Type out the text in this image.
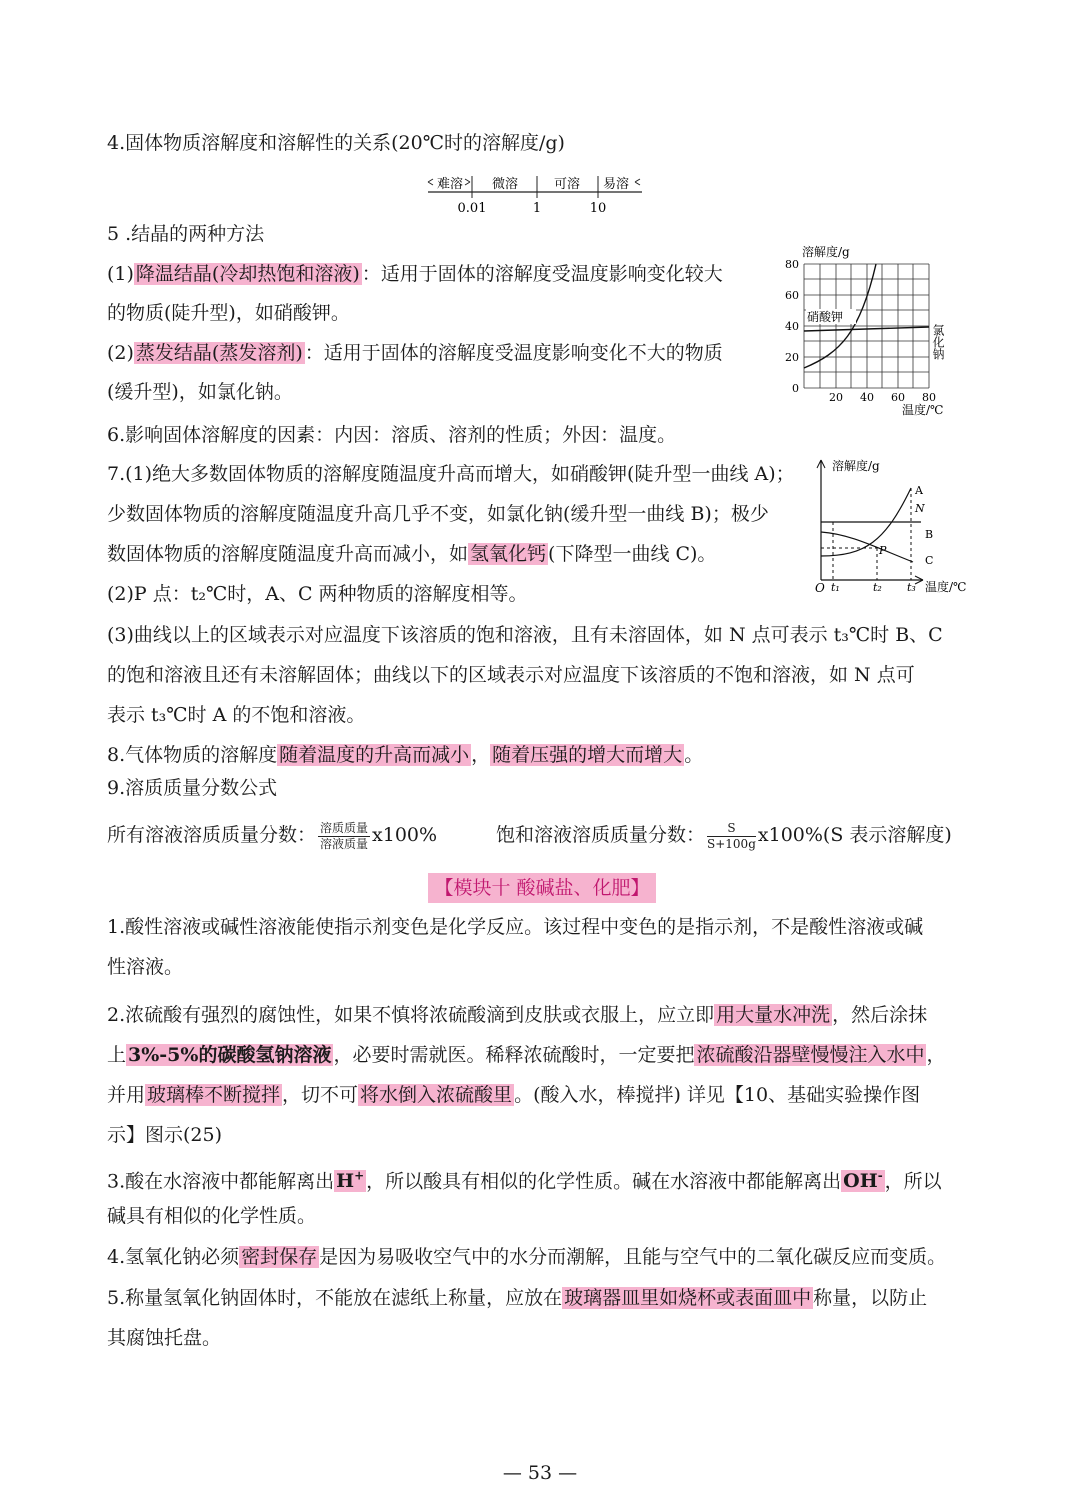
4.固体物质溶解度和溶解性的关系(20℃时的溶解度/g)
难溶 微溶	可溶 易溶
0.01	1	10
5 .结晶的两种方法
(1) 降温结晶(冷却热饱和溶液) ：适用于固体的溶解度受温度影响变化较大
的物质(陡升型)，如硝酸钾。
(2) 蒸发结晶(蒸发溶剂) ：适用于固体的溶解度受温度影响变化不大的物质
(缓升型)，如氯化钠。
溶解度/g
硝酸钾
氯化钠
80
60
40
20
0
20 40 60 80
温度/℃
6.影响固体溶解度的因素：内因：溶质、溶剂的性质；外因：温度。
7.(1)绝大多数固体物质的溶解度随温度升高而增大，如硝酸钾(陡升型一曲线 A)；
少数固体物质的溶解度随温度升高几乎不变，如氯化钠(缓升型一曲线 B)；极少
数固体物质的溶解度随温度升高而减小，如 氢氧化钙 (下降型一曲线 C)。
(2)P 点：t₂℃时，A、C 两种物质的溶解度相等。
(3)曲线以上的区域表示对应温度下该溶质的饱和溶液，且有未溶固体，如 N 点可表示 t₃℃时 B、C
的饱和溶液且还有未溶解固体；曲线以下的区域表示对应温度下该溶质的不饱和溶液，如 N 点可
表示 t₃℃时 A 的不饱和溶液。
溶解度/g
O
A
N
B
C
P
t₁	t₂ t₃ 温度/℃
8.气体物质的溶解度 随着温度的升高而减小 ， 随着压强的增大而增大 。
9.溶质质量分数公式
所有溶液溶质质量分数： $\frac{\text{溶质质量}}{\text{溶液质量}} x100\%$	饱和溶液溶质质量分数： $\frac{S}{S+100g} x100\%(S$ 表示溶解度)
【模块十 酸碱盐、化肥】
1.酸性溶液或碱性溶液能使指示剂变色是化学反应。该过程中变色的是指示剂，不是酸性溶液或碱
性溶液。
2.浓硫酸有强烈的腐蚀性，如果不慎将浓硫酸滴到皮肤或衣服上，应立即 用大量水冲洗 ，然后涂抹
上 3%-5%的碳酸氢钠溶液 ，必要时需就医。稀释浓硫酸时，一定要把 浓硫酸沿器壁慢慢注入水中 ，
并用 玻璃棒不断搅拌 ，切不可 将水倒入浓硫酸里 。(酸入水，棒搅拌) 详见【10、基础实验操作图
示】图示(25)
3.酸在水溶液中都能解离出 H+ ，所以酸具有相似的化学性质。碱在水溶液中都能解离出 OH- ，所以
碱具有相似的化学性质。
4.氢氧化钠必须 密封保存 是因为易吸收空气中的水分而潮解，且能与空气中的二氧化碳反应而变质。
5.称量氢氧化钠固体时，不能放在滤纸上称量，应放在 玻璃器皿里如烧杯或表面皿中 称量，以防止
其腐蚀托盘。
— 53 —
